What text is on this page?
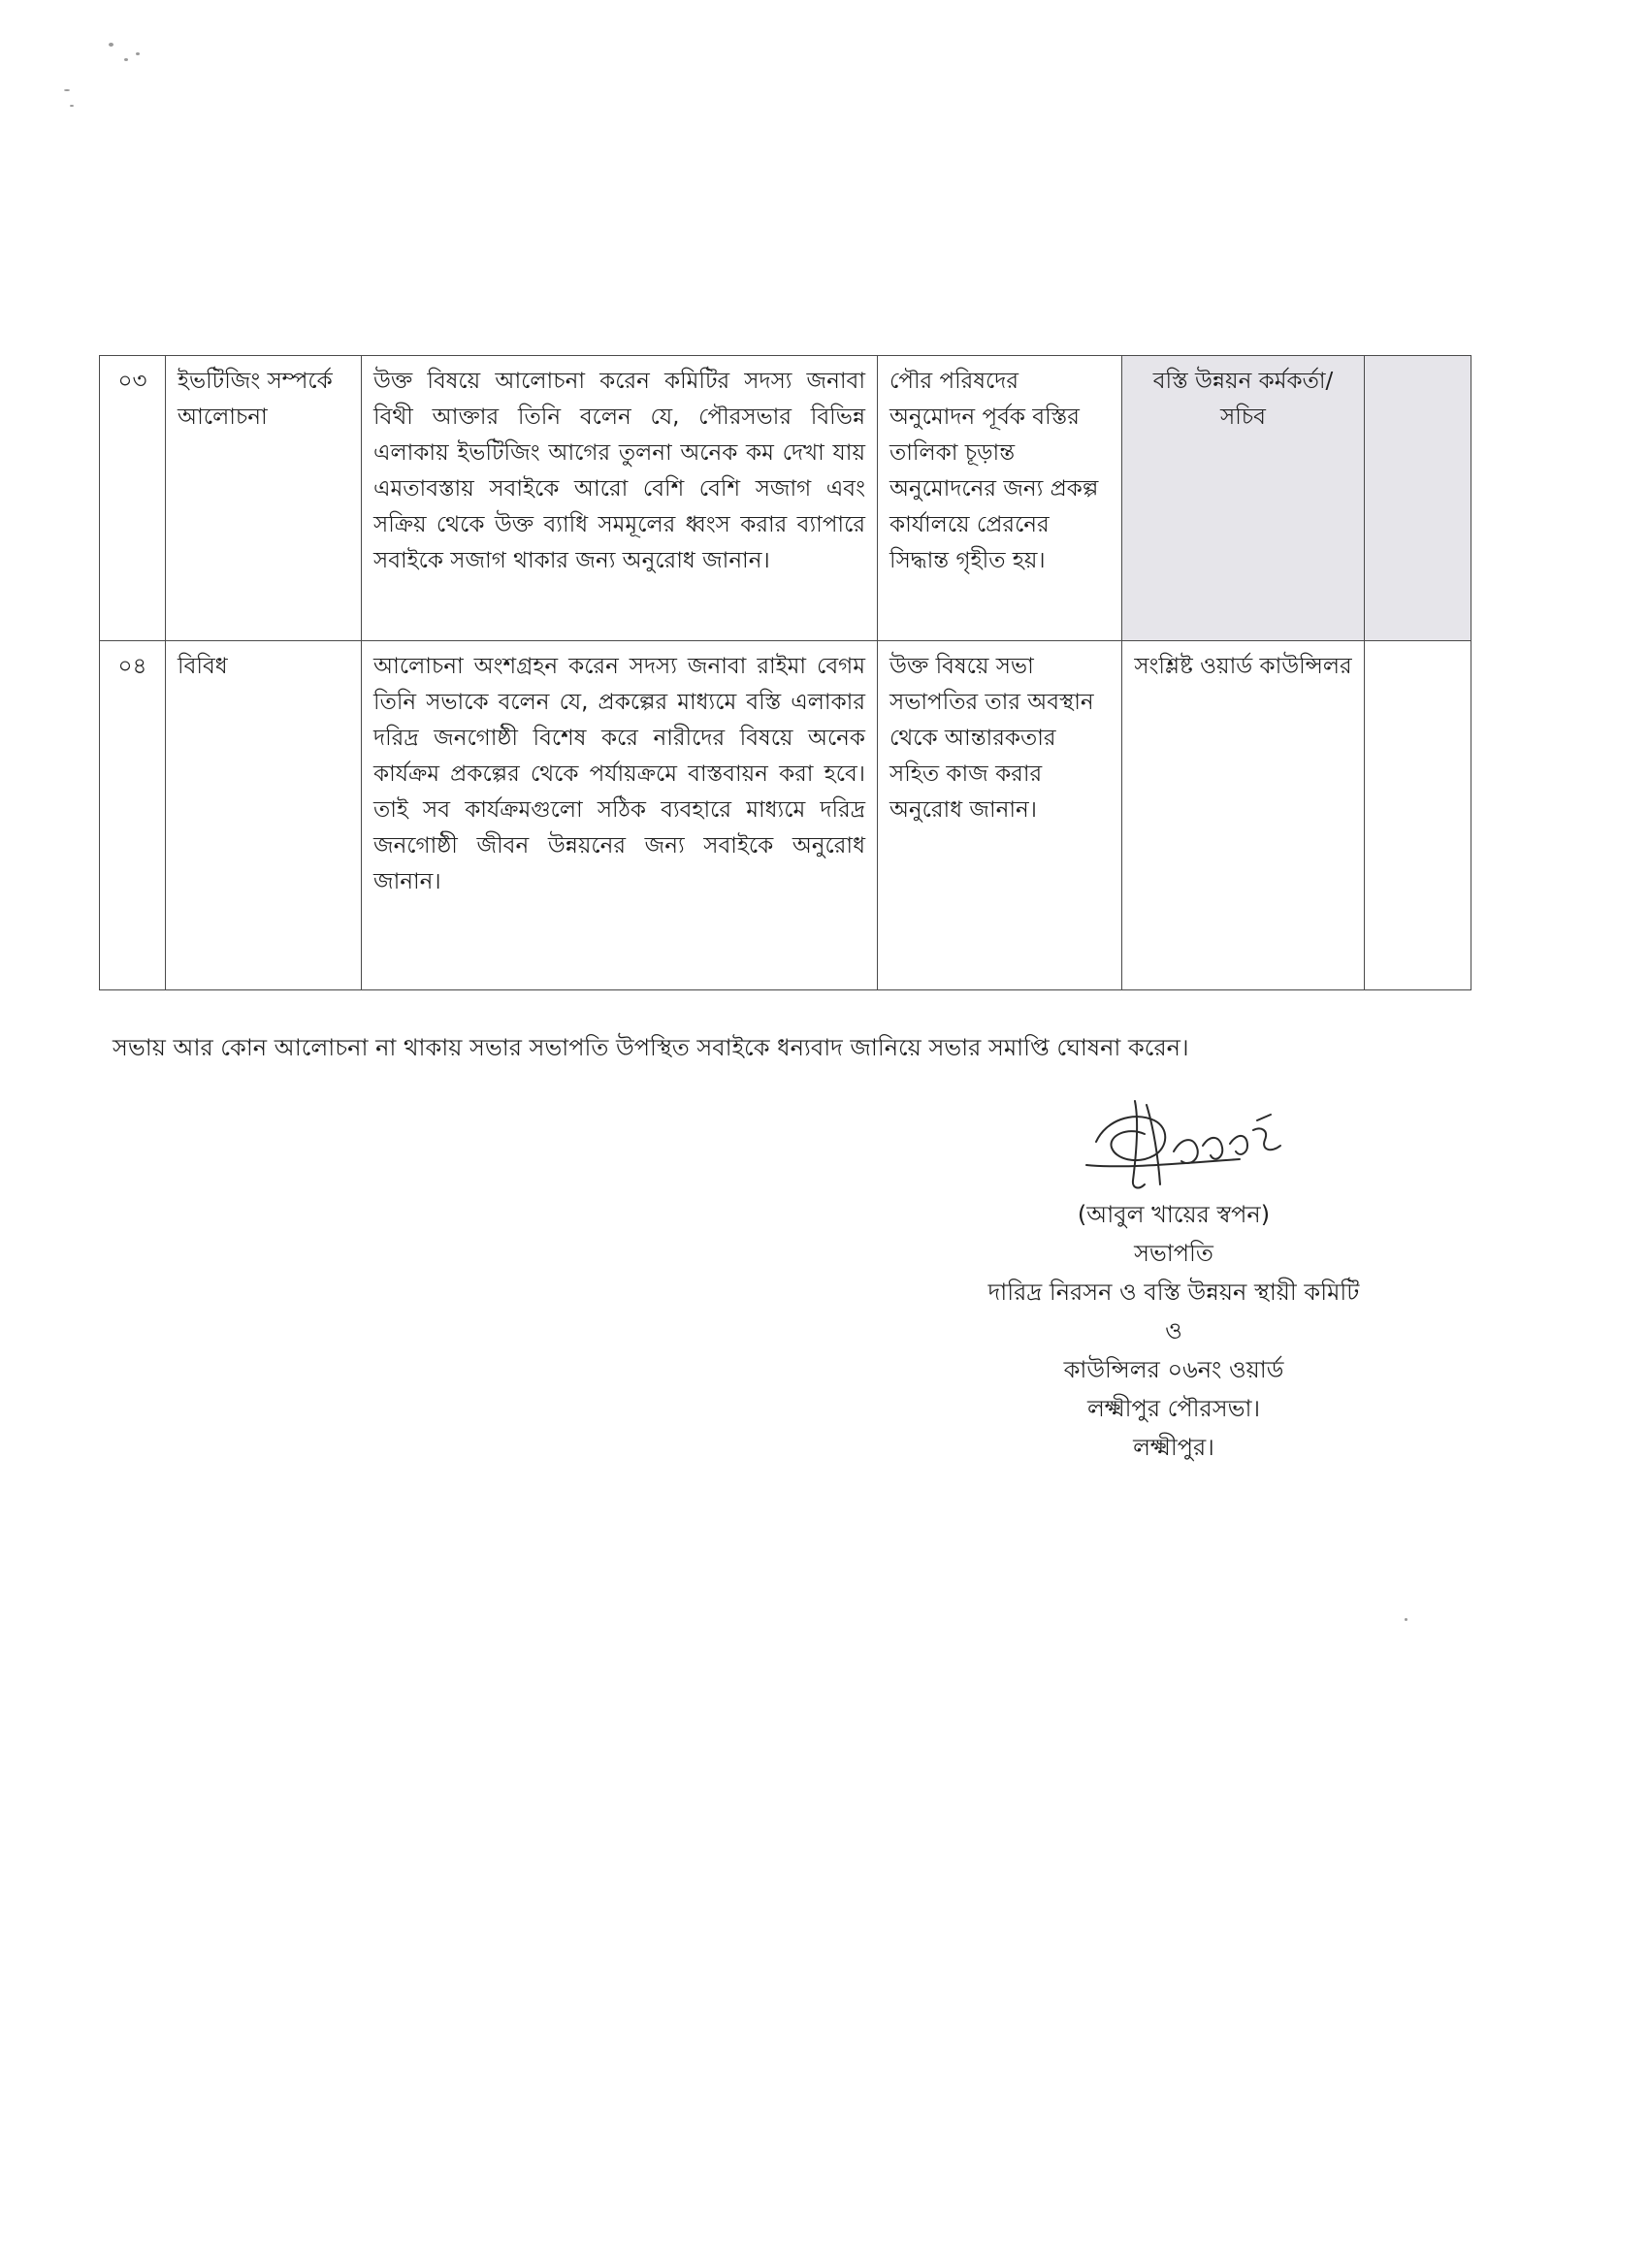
০৩	ইভটিজিং সম্পর্কে আলোচনা	উক্ত বিষয়ে আলোচনা করেন কমিটির সদস্য জনাবা বিথী আক্তার তিনি বলেন যে, পৌরসভার বিভিন্ন এলাকায় ইভটিজিং আগের তুলনা অনেক কম দেখা যায় এমতাবস্তায় সবাইকে আরো বেশি বেশি সজাগ এবং সক্রিয় থেকে উক্ত ব্যাধি সমমূলের ধ্বংস করার ব্যাপারে সবাইকে সজাগ থাকার জন্য অনুরোধ জানান।	পৌর পরিষদের অনুমোদন পূর্বক বস্তির তালিকা চূড়ান্ত অনুমোদনের জন্য প্রকল্প কার্যালয়ে প্রেরনের সিদ্ধান্ত গৃহীত হয়।	বস্তি উন্নয়ন কর্মকর্তা/ সচিব	
০৪	বিবিধ	আলোচনা অংশগ্রহন করেন সদস্য জনাবা রাইমা বেগম তিনি সভাকে বলেন যে, প্রকল্পের মাধ্যমে বস্তি এলাকার দরিদ্র জনগোষ্ঠী বিশেষ করে নারীদের বিষয়ে অনেক কার্যক্রম প্রকল্পের থেকে পর্যায়ক্রমে বাস্তবায়ন করা হবে। তাই সব কার্যক্রমগুলো সঠিক ব্যবহারে মাধ্যমে দরিদ্র জনগোষ্ঠী জীবন উন্নয়নের জন্য সবাইকে অনুরোধ জানান।	উক্ত বিষয়ে সভা সভাপতির তার অবস্থান থেকে আন্তারকতার সহিত কাজ করার অনুরোধ জানান।	সংশ্লিষ্ট ওয়ার্ড কাউন্সিলর	
সভায় আর কোন আলোচনা না থাকায় সভার সভাপতি উপস্থিত সবাইকে ধন্যবাদ জানিয়ে সভার সমাপ্তি ঘোষনা করেন।
(আবুল খায়ের স্বপন)
সভাপতি
দারিদ্র নিরসন ও বস্তি উন্নয়ন স্থায়ী কমিটি
ও
কাউন্সিলর ০৬নং ওয়ার্ড
লক্ষ্মীপুর পৌরসভা।
লক্ষ্মীপুর।
